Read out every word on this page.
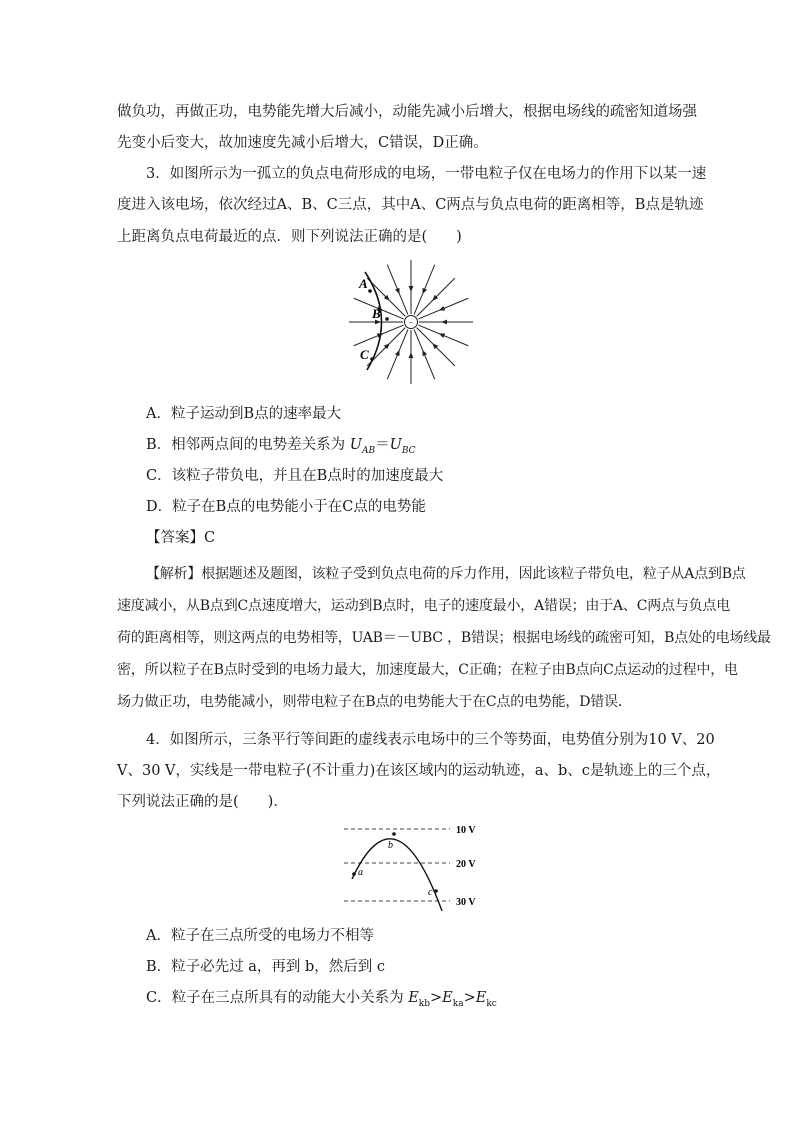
做负功，再做正功，电势能先增大后减小，动能先减小后增大，根据电场线的疏密知道场强
先变小后变大，故加速度先减小后增大，C错误，D正确。
3．如图所示为一孤立的负点电荷形成的电场，一带电粒子仅在电场力的作用下以某一速
度进入该电场，依次经过A、B、C三点，其中A、C两点与负点电荷的距离相等，B点是轨迹
上距离负点电荷最近的点．则下列说法正确的是(　　)
−
A
B
C
A．粒子运动到B点的速率最大
B．相邻两点间的电势差关系为 $U_{AB}=U_{BC}$
C．该粒子带负电，并且在B点时的加速度最大
D．粒子在B点的电势能小于在C点的电势能
【答案】C
【解析】根据题述及题图，该粒子受到负点电荷的斥力作用，因此该粒子带负电，粒子从A点到B点
速度减小，从B点到C点速度增大，运动到B点时，电子的速度最小，A错误；由于A、C两点与负点电
荷的距离相等，则这两点的电势相等，UAB＝－UBC ，B错误；根据电场线的疏密可知，B点处的电场线最
密，所以粒子在B点时受到的电场力最大，加速度最大，C正确；在粒子由B点向C点运动的过程中，电
场力做正功，电势能减小，则带电粒子在B点的电势能大于在C点的电势能，D错误．
4．如图所示，三条平行等间距的虚线表示电场中的三个等势面，电势值分别为10 V、20
V、30 V，实线是一带电粒子(不计重力)在该区域内的运动轨迹，a、b、c是轨迹上的三个点，
下列说法正确的是(　　)．
10 V
20 V
30 V
a
b
c
A．粒子在三点所受的电场力不相等
B．粒子必先过 a，再到 b，然后到 c
C．粒子在三点所具有的动能大小关系为 $E_{kb}>E_{ka}>E_{kc}$
